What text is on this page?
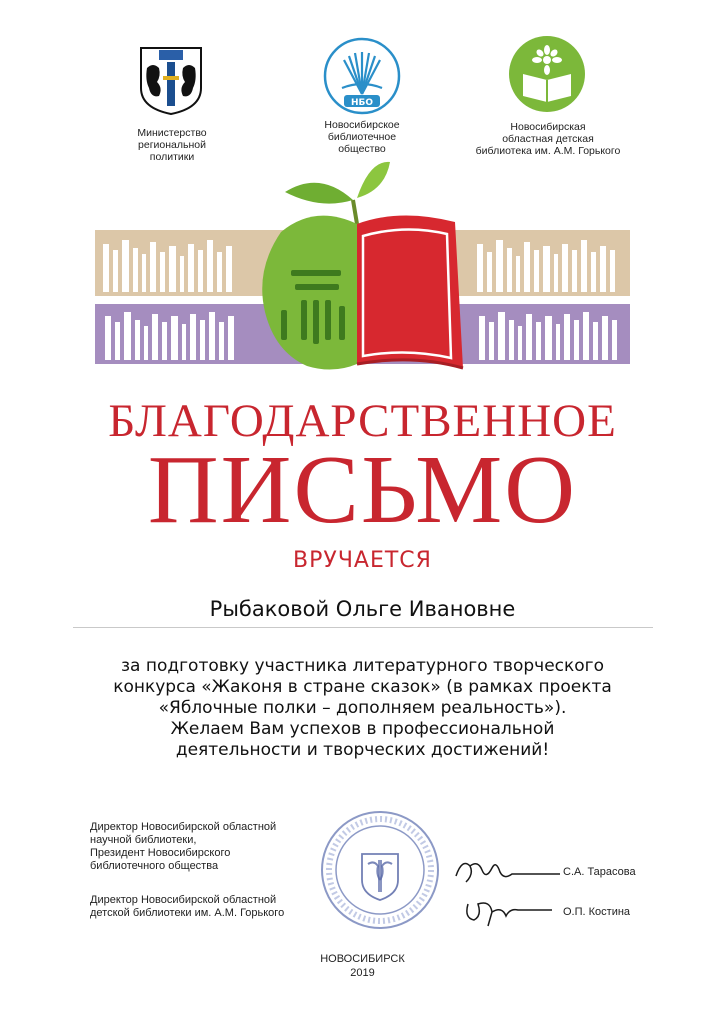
Министерство
региональной
политики
НБО
Новосибирское
библиотечное
общество
Новосибирская
областная детская
библиотека им. А.М. Горького
БЛАГОДАРСТВЕННОЕ
ПИСЬМО
ВРУЧАЕТСЯ
Рыбаковой Ольге Ивановне
за подготовку участника литературного творческого
конкурса «Жаконя в стране сказок» (в рамках проекта
«Яблочные полки – дополняем реальность»).
Желаем Вам успехов в профессиональной
деятельности и творческих достижений!
Директор Новосибирской областной
научной библиотеки,
Президент Новосибирского
библиотечного общества
Директор Новосибирской областной
детской библиотеки им. А.М. Горького
С.А. Тарасова
О.П. Костина
НОВОСИБИРСК
2019
